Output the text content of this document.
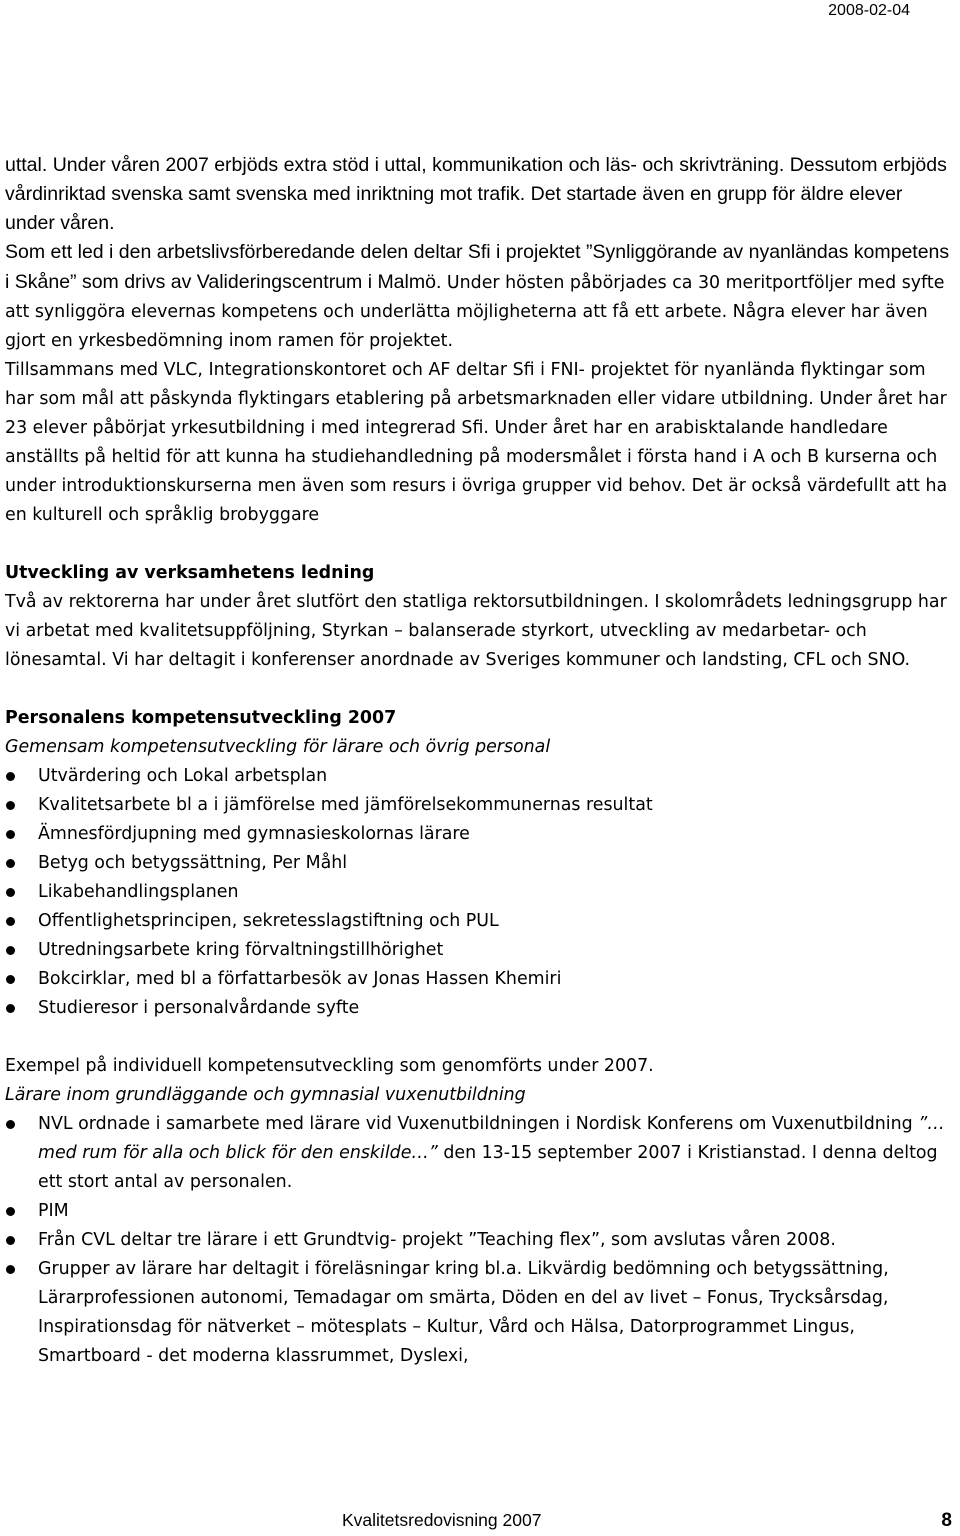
2008-02-04

uttal. Under våren 2007 erbjöds extra stöd i uttal, kommunikation och läs- och skrivträning. Dessutom erbjöds vårdinriktad svenska samt svenska med inriktning mot trafik. Det startade även en grupp för äldre elever under våren.

Som ett led i den arbetslivsförberedande delen deltar Sfi i projektet ”Synliggörande av nyanländas kompetens i Skåne” som drivs av Valideringscentrum i Malmö. Under hösten påbörjades ca 30 meritportföljer med syfte att synliggöra elevernas kompetens och underlätta möjligheterna att få ett arbete. Några elever har även gjort en yrkesbedömning inom ramen för projektet.

Tillsammans med VLC, Integrationskontoret och AF deltar Sfi i FNI- projektet för nyanlända flyktingar som har som mål att påskynda flyktingars etablering på arbetsmarknaden eller vidare utbildning. Under året har 23 elever påbörjat yrkesutbildning i med integrerad Sfi. Under året har en arabisktalande handledare anställts på heltid för att kunna ha studiehandledning på modersmålet i första hand i A och B kurserna och under introduktionskurserna men även som resurs i övriga grupper vid behov. Det är också värdefullt att ha en kulturell och språklig brobyggare

Utveckling av verksamhetens ledning

Två av rektorerna har under året slutfört den statliga rektorsutbildningen. I skolområdets ledningsgrupp har vi arbetat med kvalitetsuppföljning, Styrkan – balanserade styrkort, utveckling av medarbetar- och lönesamtal. Vi har deltagit i konferenser anordnade av Sveriges kommuner och landsting, CFL och SNO.

Personalens kompetensutveckling 2007

Gemensam kompetensutveckling för lärare och övrig personal

Utvärdering och Lokal arbetsplan
Kvalitetsarbete bl a i jämförelse med jämförelsekommunernas resultat
Ämnesfördjupning med gymnasieskolornas lärare
Betyg och betygssättning, Per Måhl
Likabehandlingsplanen
Offentlighetsprincipen, sekretesslagstiftning och PUL
Utredningsarbete kring förvaltningstillhörighet
Bokcirklar, med bl a författarbesök av Jonas Hassen Khemiri
Studieresor i personalvårdande syfte

Exempel på individuell kompetensutveckling som genomförts under 2007.

Lärare inom grundläggande och gymnasial vuxenutbildning

NVL ordnade i samarbete med lärare vid Vuxenutbildningen i Nordisk Konferens om Vuxenutbildning ”… med rum för alla och blick för den enskilde…” den 13-15 september 2007 i Kristianstad. I denna deltog ett stort antal av personalen.
PIM
Från CVL deltar tre lärare i ett Grundtvig- projekt ”Teaching flex”, som avslutas våren 2008.
Grupper av lärare har deltagit i föreläsningar kring bl.a. Likvärdig bedömning och betygssättning, Lärarprofessionen autonomi, Temadagar om smärta, Döden en del av livet – Fonus, Trycksårsdag, Inspirationsdag för nätverket – mötesplats – Kultur, Vård och Hälsa, Datorprogrammet Lingus, Smartboard - det moderna klassrummet, Dyslexi,
Kvalitetsredovisning 2007	8
